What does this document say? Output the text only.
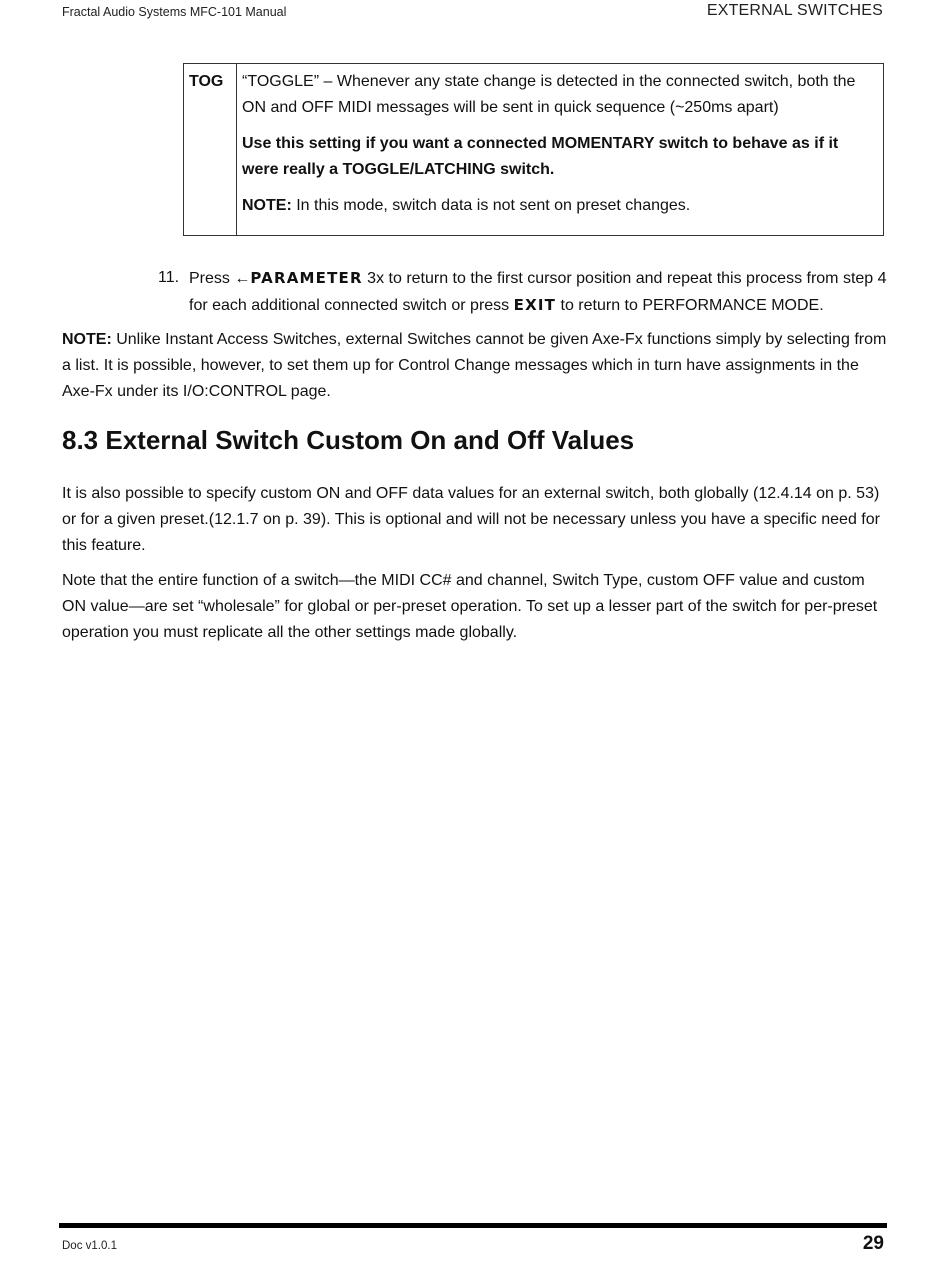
Fractal Audio Systems MFC-101 Manual	EXTERNAL SWITCHES
TOG	“TOGGLE” – Whenever any state change is detected in the connected switch, both the ON and OFF MIDI messages will be sent in quick sequence (~250ms apart)

Use this setting if you want a connected MOMENTARY switch to behave as if it were really a TOGGLE/LATCHING switch.

NOTE: In this mode, switch data is not sent on preset changes.

11. Press ←PARAMETER 3x to return to the first cursor position and repeat this process from step 4 for each additional connected switch or press EXIT to return to PERFORMANCE MODE.

NOTE: Unlike Instant Access Switches, external Switches cannot be given Axe-Fx functions simply by selecting from a list. It is possible, however, to set them up for Control Change messages which in turn have assignments in the Axe-Fx under its I/O:CONTROL page.

8.3 External Switch Custom On and Off Values

It is also possible to specify custom ON and OFF data values for an external switch, both globally (12.4.14 on p. 53) or for a given preset.(12.1.7 on p. 39). This is optional and will not be necessary unless you have a specific need for this feature.

Note that the entire function of a switch—the MIDI CC# and channel, Switch Type, custom OFF value and custom ON value—are set “wholesale” for global or per-preset operation. To set up a lesser part of the switch for per-preset operation you must replicate all the other settings made globally.

Doc v1.0.1	29
